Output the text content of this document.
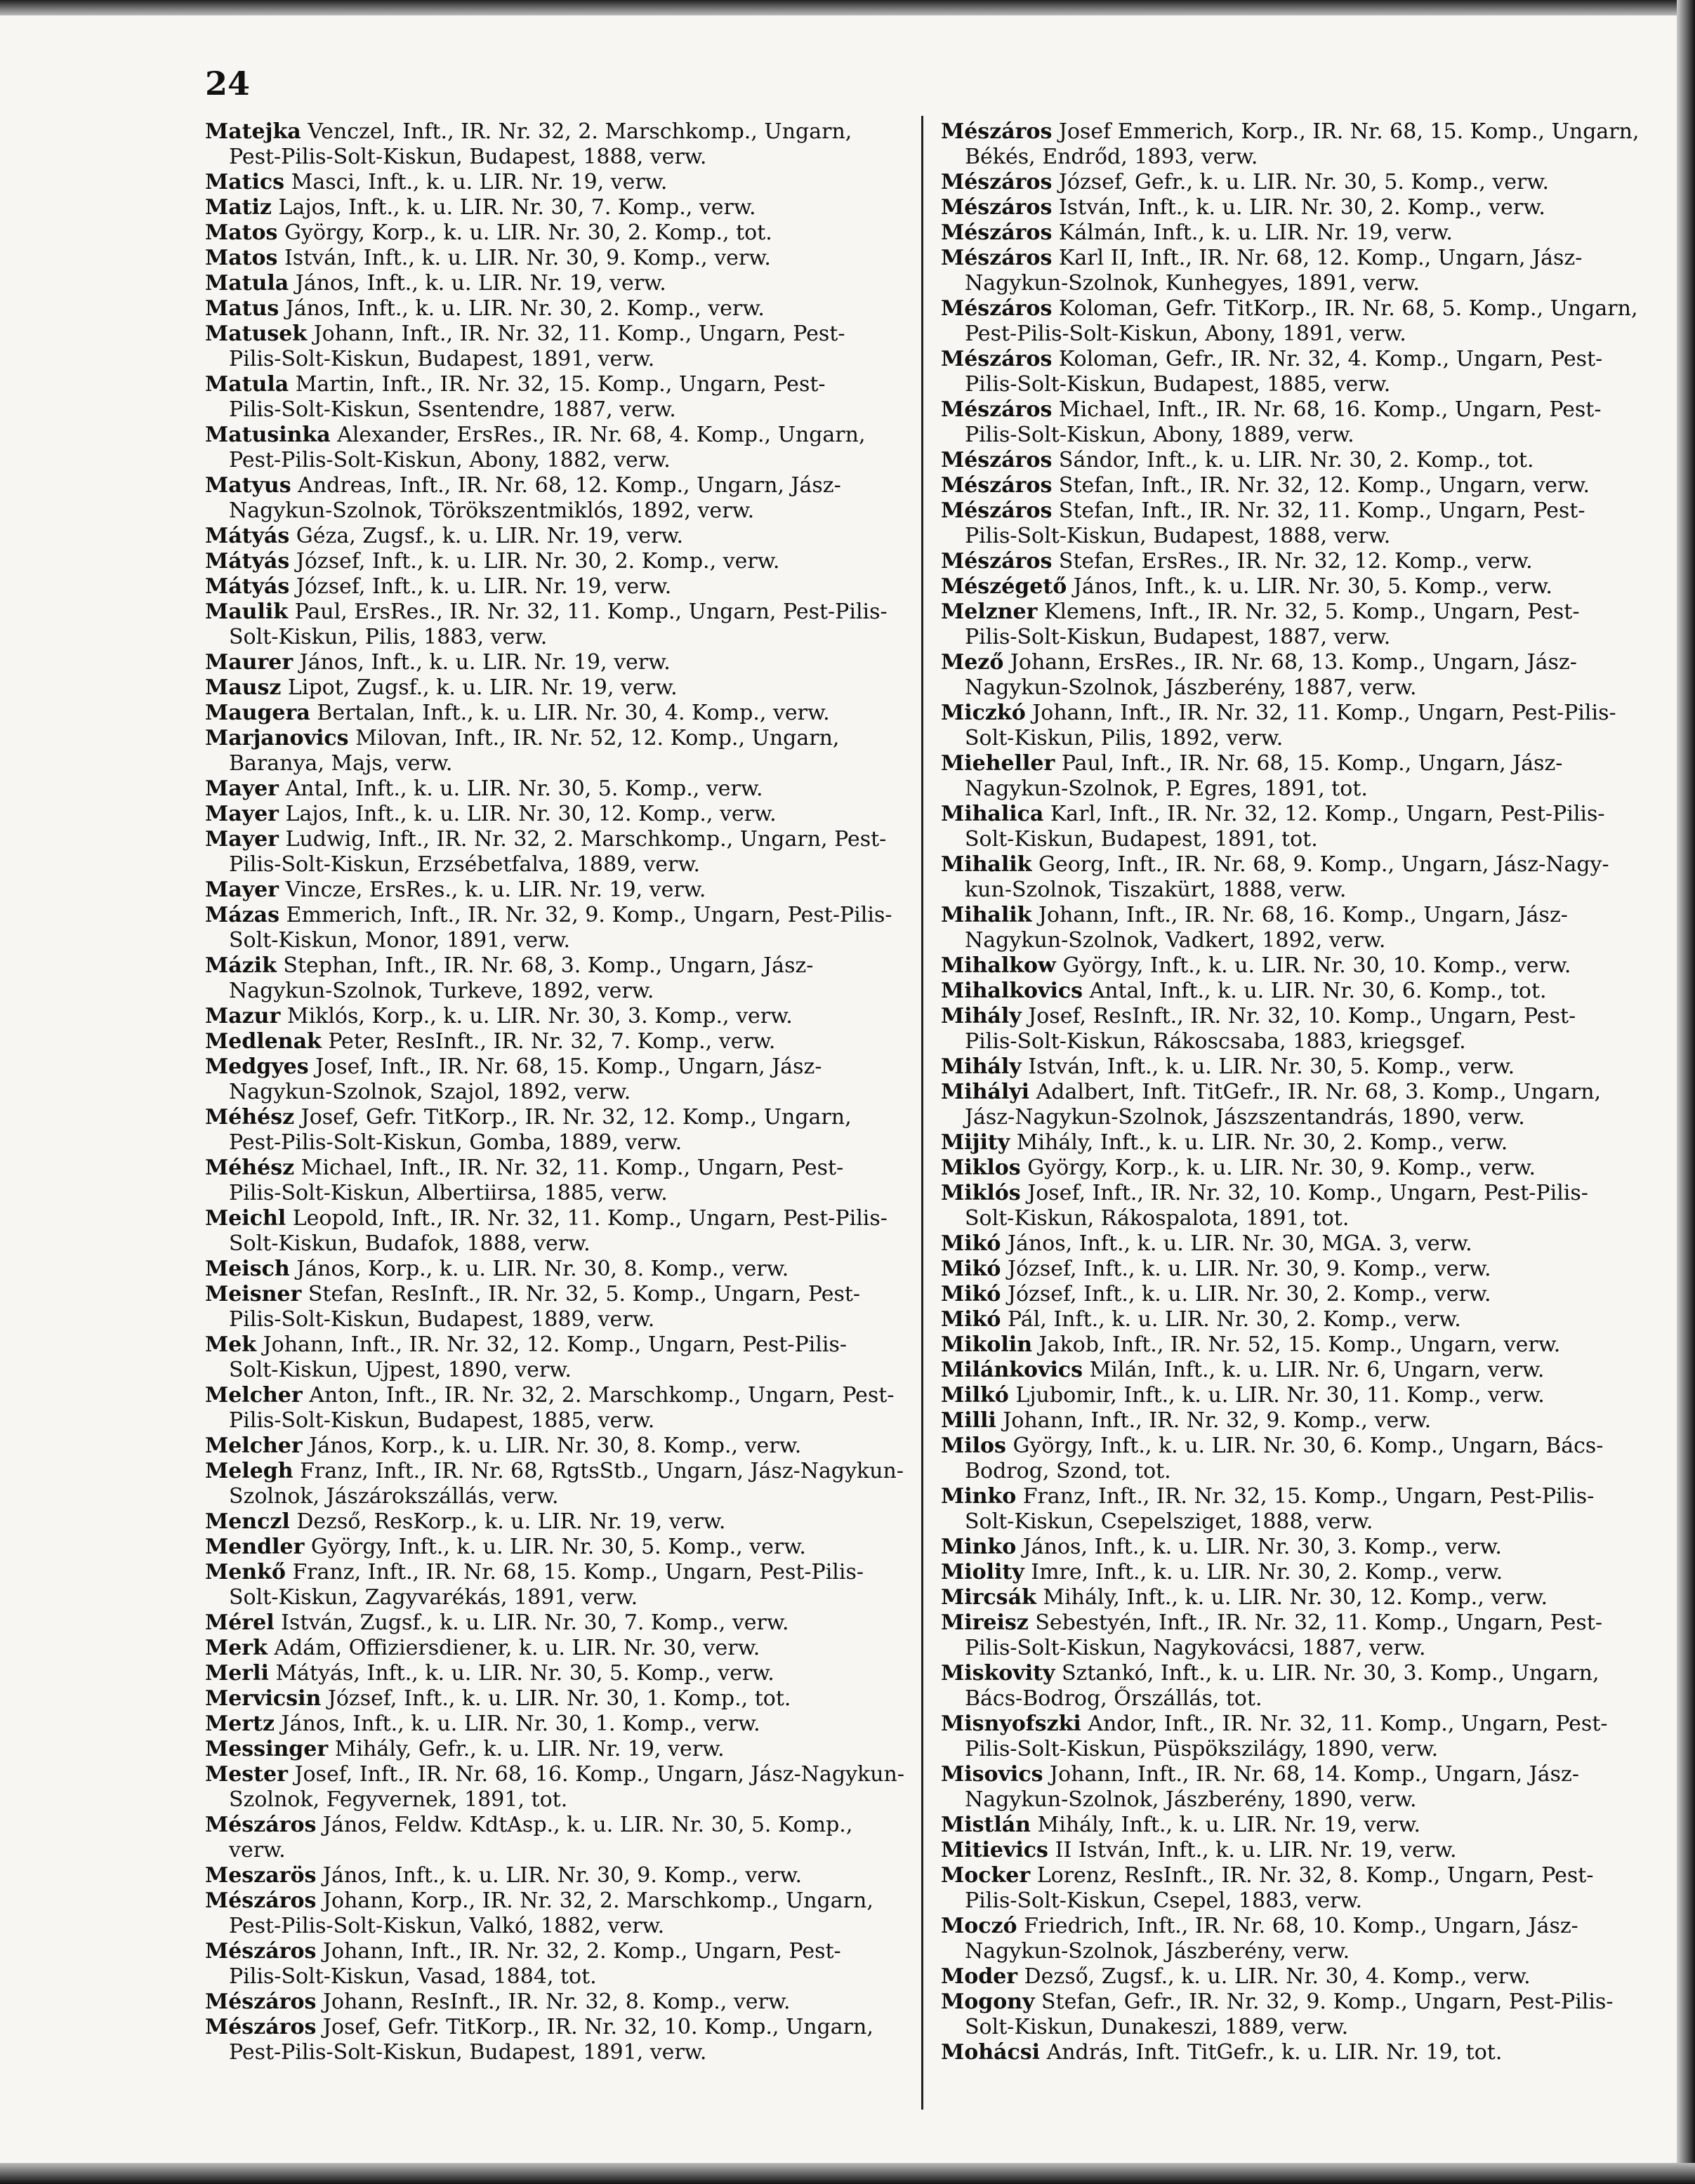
24

Matejka Venczel, Inft., IR. Nr. 32, 2. Marschkomp., Ungarn,

Pest-Pilis-Solt-Kiskun, Budapest, 1888, verw.

Matics Masci, Inft., k. u. LIR. Nr. 19, verw.

Matiz Lajos, Inft., k. u. LIR. Nr. 30, 7. Komp., verw.

Matos György, Korp., k. u. LIR. Nr. 30, 2. Komp., tot.

Matos István, Inft., k. u. LIR. Nr. 30, 9. Komp., verw.

Matula János, Inft., k. u. LIR. Nr. 19, verw.

Matus János, Inft., k. u. LIR. Nr. 30, 2. Komp., verw.

Matusek Johann, Inft., IR. Nr. 32, 11. Komp., Ungarn, Pest-

Pilis-Solt-Kiskun, Budapest, 1891, verw.

Matula Martin, Inft., IR. Nr. 32, 15. Komp., Ungarn, Pest-

Pilis-Solt-Kiskun, Ssentendre, 1887, verw.

Matusinka Alexander, ErsRes., IR. Nr. 68, 4. Komp., Ungarn,

Pest-Pilis-Solt-Kiskun, Abony, 1882, verw.

Matyus Andreas, Inft., IR. Nr. 68, 12. Komp., Ungarn, Jász-

Nagykun-Szolnok, Törökszentmiklós, 1892, verw.

Mátyás Géza, Zugsf., k. u. LIR. Nr. 19, verw.

Mátyás József, Inft., k. u. LIR. Nr. 30, 2. Komp., verw.

Mátyás József, Inft., k. u. LIR. Nr. 19, verw.

Maulik Paul, ErsRes., IR. Nr. 32, 11. Komp., Ungarn, Pest-Pilis-

Solt-Kiskun, Pilis, 1883, verw.

Maurer János, Inft., k. u. LIR. Nr. 19, verw.

Mausz Lipot, Zugsf., k. u. LIR. Nr. 19, verw.

Maugera Bertalan, Inft., k. u. LIR. Nr. 30, 4. Komp., verw.

Marjanovics Milovan, Inft., IR. Nr. 52, 12. Komp., Ungarn,

Baranya, Majs, verw.

Mayer Antal, Inft., k. u. LIR. Nr. 30, 5. Komp., verw.

Mayer Lajos, Inft., k. u. LIR. Nr. 30, 12. Komp., verw.

Mayer Ludwig, Inft., IR. Nr. 32, 2. Marschkomp., Ungarn, Pest-

Pilis-Solt-Kiskun, Erzsébetfalva, 1889, verw.

Mayer Vincze, ErsRes., k. u. LIR. Nr. 19, verw.

Mázas Emmerich, Inft., IR. Nr. 32, 9. Komp., Ungarn, Pest-Pilis-

Solt-Kiskun, Monor, 1891, verw.

Mázik Stephan, Inft., IR. Nr. 68, 3. Komp., Ungarn, Jász-

Nagykun-Szolnok, Turkeve, 1892, verw.

Mazur Miklós, Korp., k. u. LIR. Nr. 30, 3. Komp., verw.

Medlenak Peter, ResInft., IR. Nr. 32, 7. Komp., verw.

Medgyes Josef, Inft., IR. Nr. 68, 15. Komp., Ungarn, Jász-

Nagykun-Szolnok, Szajol, 1892, verw.

Méhész Josef, Gefr. TitKorp., IR. Nr. 32, 12. Komp., Ungarn,

Pest-Pilis-Solt-Kiskun, Gomba, 1889, verw.

Méhész Michael, Inft., IR. Nr. 32, 11. Komp., Ungarn, Pest-

Pilis-Solt-Kiskun, Albertiirsa, 1885, verw.

Meichl Leopold, Inft., IR. Nr. 32, 11. Komp., Ungarn, Pest-Pilis-

Solt-Kiskun, Budafok, 1888, verw.

Meisch János, Korp., k. u. LIR. Nr. 30, 8. Komp., verw.

Meisner Stefan, ResInft., IR. Nr. 32, 5. Komp., Ungarn, Pest-

Pilis-Solt-Kiskun, Budapest, 1889, verw.

Mek Johann, Inft., IR. Nr. 32, 12. Komp., Ungarn, Pest-Pilis-

Solt-Kiskun, Ujpest, 1890, verw.

Melcher Anton, Inft., IR. Nr. 32, 2. Marschkomp., Ungarn, Pest-

Pilis-Solt-Kiskun, Budapest, 1885, verw.

Melcher János, Korp., k. u. LIR. Nr. 30, 8. Komp., verw.

Melegh Franz, Inft., IR. Nr. 68, RgtsStb., Ungarn, Jász-Nagykun-

Szolnok, Jászárokszállás, verw.

Menczl Dezső, ResKorp., k. u. LIR. Nr. 19, verw.

Mendler György, Inft., k. u. LIR. Nr. 30, 5. Komp., verw.

Menkő Franz, Inft., IR. Nr. 68, 15. Komp., Ungarn, Pest-Pilis-

Solt-Kiskun, Zagyvarékás, 1891, verw.

Mérel István, Zugsf., k. u. LIR. Nr. 30, 7. Komp., verw.

Merk Adám, Offiziersdiener, k. u. LIR. Nr. 30, verw.

Merli Mátyás, Inft., k. u. LIR. Nr. 30, 5. Komp., verw.

Mervicsin József, Inft., k. u. LIR. Nr. 30, 1. Komp., tot.

Mertz János, Inft., k. u. LIR. Nr. 30, 1. Komp., verw.

Messinger Mihály, Gefr., k. u. LIR. Nr. 19, verw.

Mester Josef, Inft., IR. Nr. 68, 16. Komp., Ungarn, Jász-Nagykun-

Szolnok, Fegyvernek, 1891, tot.

Mészáros János, Feldw. KdtAsp., k. u. LIR. Nr. 30, 5. Komp.,

verw.

Meszarös János, Inft., k. u. LIR. Nr. 30, 9. Komp., verw.

Mészáros Johann, Korp., IR. Nr. 32, 2. Marschkomp., Ungarn,

Pest-Pilis-Solt-Kiskun, Valkó, 1882, verw.

Mészáros Johann, Inft., IR. Nr. 32, 2. Komp., Ungarn, Pest-

Pilis-Solt-Kiskun, Vasad, 1884, tot.

Mészáros Johann, ResInft., IR. Nr. 32, 8. Komp., verw.

Mészáros Josef, Gefr. TitKorp., IR. Nr. 32, 10. Komp., Ungarn,

Pest-Pilis-Solt-Kiskun, Budapest, 1891, verw.

Mészáros Josef Emmerich, Korp., IR. Nr. 68, 15. Komp., Ungarn,

Békés, Endrőd, 1893, verw.

Mészáros József, Gefr., k. u. LIR. Nr. 30, 5. Komp., verw.

Mészáros István, Inft., k. u. LIR. Nr. 30, 2. Komp., verw.

Mészáros Kálmán, Inft., k. u. LIR. Nr. 19, verw.

Mészáros Karl II, Inft., IR. Nr. 68, 12. Komp., Ungarn, Jász-

Nagykun-Szolnok, Kunhegyes, 1891, verw.

Mészáros Koloman, Gefr. TitKorp., IR. Nr. 68, 5. Komp., Ungarn,

Pest-Pilis-Solt-Kiskun, Abony, 1891, verw.

Mészáros Koloman, Gefr., IR. Nr. 32, 4. Komp., Ungarn, Pest-

Pilis-Solt-Kiskun, Budapest, 1885, verw.

Mészáros Michael, Inft., IR. Nr. 68, 16. Komp., Ungarn, Pest-

Pilis-Solt-Kiskun, Abony, 1889, verw.

Mészáros Sándor, Inft., k. u. LIR. Nr. 30, 2. Komp., tot.

Mészáros Stefan, Inft., IR. Nr. 32, 12. Komp., Ungarn, verw.

Mészáros Stefan, Inft., IR. Nr. 32, 11. Komp., Ungarn, Pest-

Pilis-Solt-Kiskun, Budapest, 1888, verw.

Mészáros Stefan, ErsRes., IR. Nr. 32, 12. Komp., verw.

Mészégető János, Inft., k. u. LIR. Nr. 30, 5. Komp., verw.

Melzner Klemens, Inft., IR. Nr. 32, 5. Komp., Ungarn, Pest-

Pilis-Solt-Kiskun, Budapest, 1887, verw.

Mező Johann, ErsRes., IR. Nr. 68, 13. Komp., Ungarn, Jász-

Nagykun-Szolnok, Jászberény, 1887, verw.

Miczkó Johann, Inft., IR. Nr. 32, 11. Komp., Ungarn, Pest-Pilis-

Solt-Kiskun, Pilis, 1892, verw.

Mieheller Paul, Inft., IR. Nr. 68, 15. Komp., Ungarn, Jász-

Nagykun-Szolnok, P. Egres, 1891, tot.

Mihalica Karl, Inft., IR. Nr. 32, 12. Komp., Ungarn, Pest-Pilis-

Solt-Kiskun, Budapest, 1891, tot.

Mihalik Georg, Inft., IR. Nr. 68, 9. Komp., Ungarn, Jász-Nagy-

kun-Szolnok, Tiszakürt, 1888, verw.

Mihalik Johann, Inft., IR. Nr. 68, 16. Komp., Ungarn, Jász-

Nagykun-Szolnok, Vadkert, 1892, verw.

Mihalkow György, Inft., k. u. LIR. Nr. 30, 10. Komp., verw.

Mihalkovics Antal, Inft., k. u. LIR. Nr. 30, 6. Komp., tot.

Mihály Josef, ResInft., IR. Nr. 32, 10. Komp., Ungarn, Pest-

Pilis-Solt-Kiskun, Rákoscsaba, 1883, kriegsgef.

Mihály István, Inft., k. u. LIR. Nr. 30, 5. Komp., verw.

Mihályi Adalbert, Inft. TitGefr., IR. Nr. 68, 3. Komp., Ungarn,

Jász-Nagykun-Szolnok, Jászszentandrás, 1890, verw.

Mijity Mihály, Inft., k. u. LIR. Nr. 30, 2. Komp., verw.

Miklos György, Korp., k. u. LIR. Nr. 30, 9. Komp., verw.

Miklós Josef, Inft., IR. Nr. 32, 10. Komp., Ungarn, Pest-Pilis-

Solt-Kiskun, Rákospalota, 1891, tot.

Mikó János, Inft., k. u. LIR. Nr. 30, MGA. 3, verw.

Mikó József, Inft., k. u. LIR. Nr. 30, 9. Komp., verw.

Mikó József, Inft., k. u. LIR. Nr. 30, 2. Komp., verw.

Mikó Pál, Inft., k. u. LIR. Nr. 30, 2. Komp., verw.

Mikolin Jakob, Inft., IR. Nr. 52, 15. Komp., Ungarn, verw.

Milánkovics Milán, Inft., k. u. LIR. Nr. 6, Ungarn, verw.

Milkó Ljubomir, Inft., k. u. LIR. Nr. 30, 11. Komp., verw.

Milli Johann, Inft., IR. Nr. 32, 9. Komp., verw.

Milos György, Inft., k. u. LIR. Nr. 30, 6. Komp., Ungarn, Bács-

Bodrog, Szond, tot.

Minko Franz, Inft., IR. Nr. 32, 15. Komp., Ungarn, Pest-Pilis-

Solt-Kiskun, Csepelsziget, 1888, verw.

Minko János, Inft., k. u. LIR. Nr. 30, 3. Komp., verw.

Miolity Imre, Inft., k. u. LIR. Nr. 30, 2. Komp., verw.

Mircsák Mihály, Inft., k. u. LIR. Nr. 30, 12. Komp., verw.

Mireisz Sebestyén, Inft., IR. Nr. 32, 11. Komp., Ungarn, Pest-

Pilis-Solt-Kiskun, Nagykovácsi, 1887, verw.

Miskovity Sztankó, Inft., k. u. LIR. Nr. 30, 3. Komp., Ungarn,

Bács-Bodrog, Őrszállás, tot.

Misnyofszki Andor, Inft., IR. Nr. 32, 11. Komp., Ungarn, Pest-

Pilis-Solt-Kiskun, Püspökszilágy, 1890, verw.

Misovics Johann, Inft., IR. Nr. 68, 14. Komp., Ungarn, Jász-

Nagykun-Szolnok, Jászberény, 1890, verw.

Mistlán Mihály, Inft., k. u. LIR. Nr. 19, verw.

Mitievics II István, Inft., k. u. LIR. Nr. 19, verw.

Mocker Lorenz, ResInft., IR. Nr. 32, 8. Komp., Ungarn, Pest-

Pilis-Solt-Kiskun, Csepel, 1883, verw.

Moczó Friedrich, Inft., IR. Nr. 68, 10. Komp., Ungarn, Jász-

Nagykun-Szolnok, Jászberény, verw.

Moder Dezső, Zugsf., k. u. LIR. Nr. 30, 4. Komp., verw.

Mogony Stefan, Gefr., IR. Nr. 32, 9. Komp., Ungarn, Pest-Pilis-

Solt-Kiskun, Dunakeszi, 1889, verw.

Mohácsi András, Inft. TitGefr., k. u. LIR. Nr. 19, tot.
